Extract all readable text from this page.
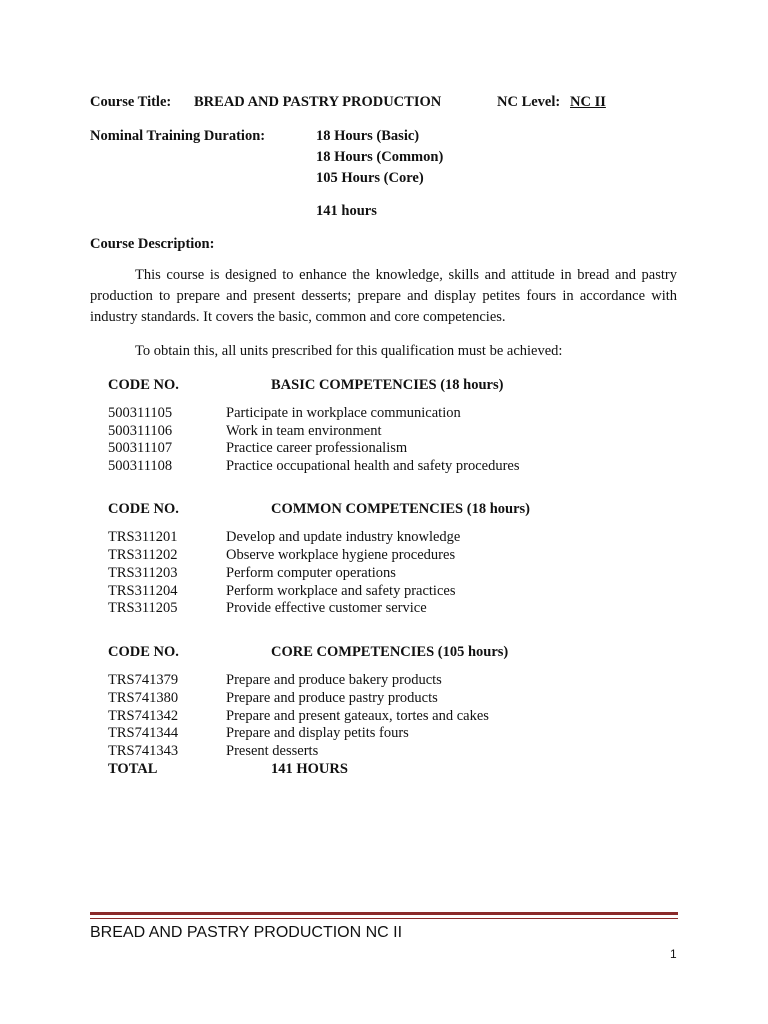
Course Title: BREAD AND PASTRY PRODUCTION	NC Level: NC II
Nominal Training Duration:	18 Hours (Basic)
18 Hours (Common)
105 Hours (Core)
141 hours
Course Description:
This course is designed to enhance the knowledge, skills and attitude in bread and pastry production to prepare and present desserts; prepare and display petites fours in accordance with industry standards. It covers the basic, common and core competencies.
To obtain this, all units prescribed for this qualification must be achieved:
CODE NO.	BASIC COMPETENCIES (18 hours)
500311105	Participate in workplace communication
500311106	Work in team environment
500311107	Practice career professionalism
500311108	Practice occupational health and safety procedures
CODE NO.	COMMON COMPETENCIES (18 hours)
TRS311201	Develop and update industry knowledge
TRS311202	Observe workplace hygiene procedures
TRS311203	Perform computer operations
TRS311204	Perform workplace and safety practices
TRS311205	Provide effective customer service
CODE NO.	CORE COMPETENCIES (105 hours)
TRS741379	Prepare and produce bakery products
TRS741380	Prepare and produce pastry products
TRS741342	Prepare and present gateaux, tortes and cakes
TRS741344	Prepare and display petits fours
TRS741343	Present desserts
TOTAL	141 HOURS
BREAD AND PASTRY PRODUCTION NC II
1
